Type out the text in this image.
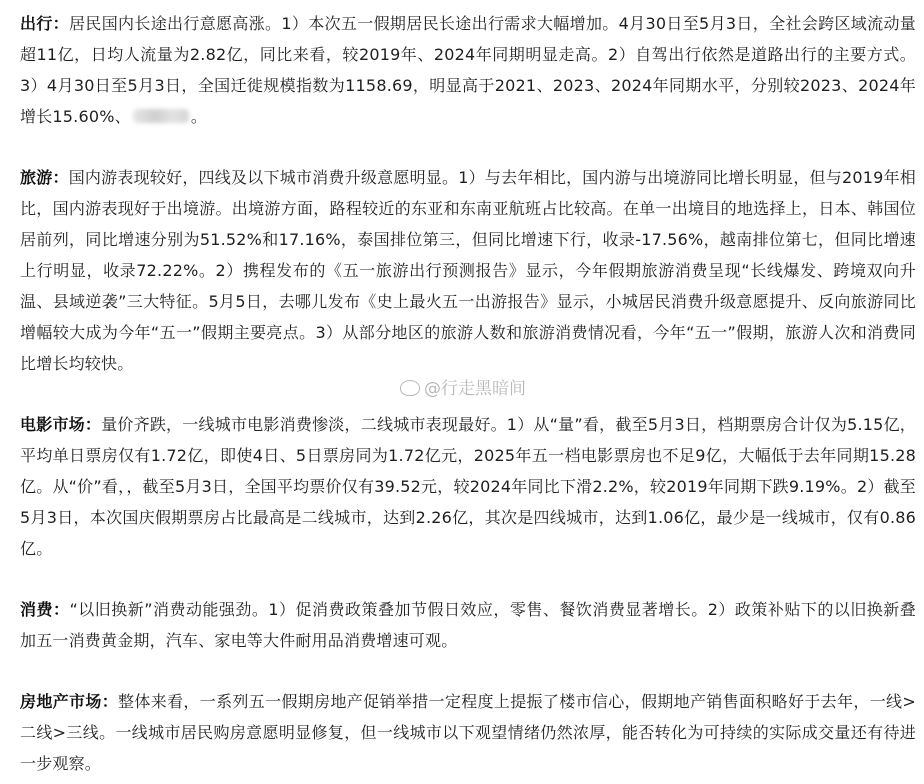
出行：居民国内长途出行意愿高涨。1）本次五一假期居民长途出行需求大幅增加。4月30日至5月3日，全社会跨区域流动量超11亿，日均人流量为2.82亿，同比来看，较2019年、2024年同期明显走高。2）自驾出行依然是道路出行的主要方式。3）4月30日至5月3日，全国迁徙规模指数为1158.69，明显高于2021、2023、2024年同期水平，分别较2023、2024年增长15.60%、	。

旅游：国内游表现较好，四线及以下城市消费升级意愿明显。1）与去年相比，国内游与出境游同比增长明显，但与2019年相比，国内游表现好于出境游。出境游方面，路程较近的东亚和东南亚航班占比较高。在单一出境目的地选择上，日本、韩国位居前列，同比增速分别为51.52%和17.16%，泰国排位第三，但同比增速下行，收录-17.56%，越南排位第七，但同比增速上行明显，收录72.22%。2）携程发布的《五一旅游出行预测报告》显示，今年假期旅游消费呈现“长线爆发、跨境双向升温、县域逆袭”三大特征。5月5日，去哪儿发布《史上最火五一出游报告》显示，小城居民消费升级意愿提升、反向旅游同比增幅较大成为今年“五一”假期主要亮点。3）从部分地区的旅游人数和旅游消费情况看，今年“五一”假期，旅游人次和消费同比增长均较快。

电影市场：量价齐跌，一线城市电影消费惨淡，二线城市表现最好。1）从“量”看，截至5月3日，档期票房合计仅为5.15亿，平均单日票房仅有1.72亿，即使4日、5日票房同为1.72亿元，2025年五一档电影票房也不足9亿，大幅低于去年同期15.28亿。从“价”看，，截至5月3日，全国平均票价仅有39.52元，较2024年同比下滑2.2%，较2019年同期下跌9.19%。2）截至5月3日，本次国庆假期票房占比最高是二线城市，达到2.26亿，其次是四线城市，达到1.06亿，最少是一线城市，仅有0.86亿。

消费：“以旧换新”消费动能强劲。1）促消费政策叠加节假日效应，零售、餐饮消费显著增长。2）政策补贴下的以旧换新叠加五一消费黄金期，汽车、家电等大件耐用品消费增速可观。

房地产市场：整体来看，一系列五一假期房地产促销举措一定程度上提振了楼市信心，假期地产销售面积略好于去年，一线>二线>三线。一线城市居民购房意愿明显修复，但一线城市以下观望情绪仍然浓厚，能否转化为可持续的实际成交量还有待进一步观察。

@行走黑暗间
